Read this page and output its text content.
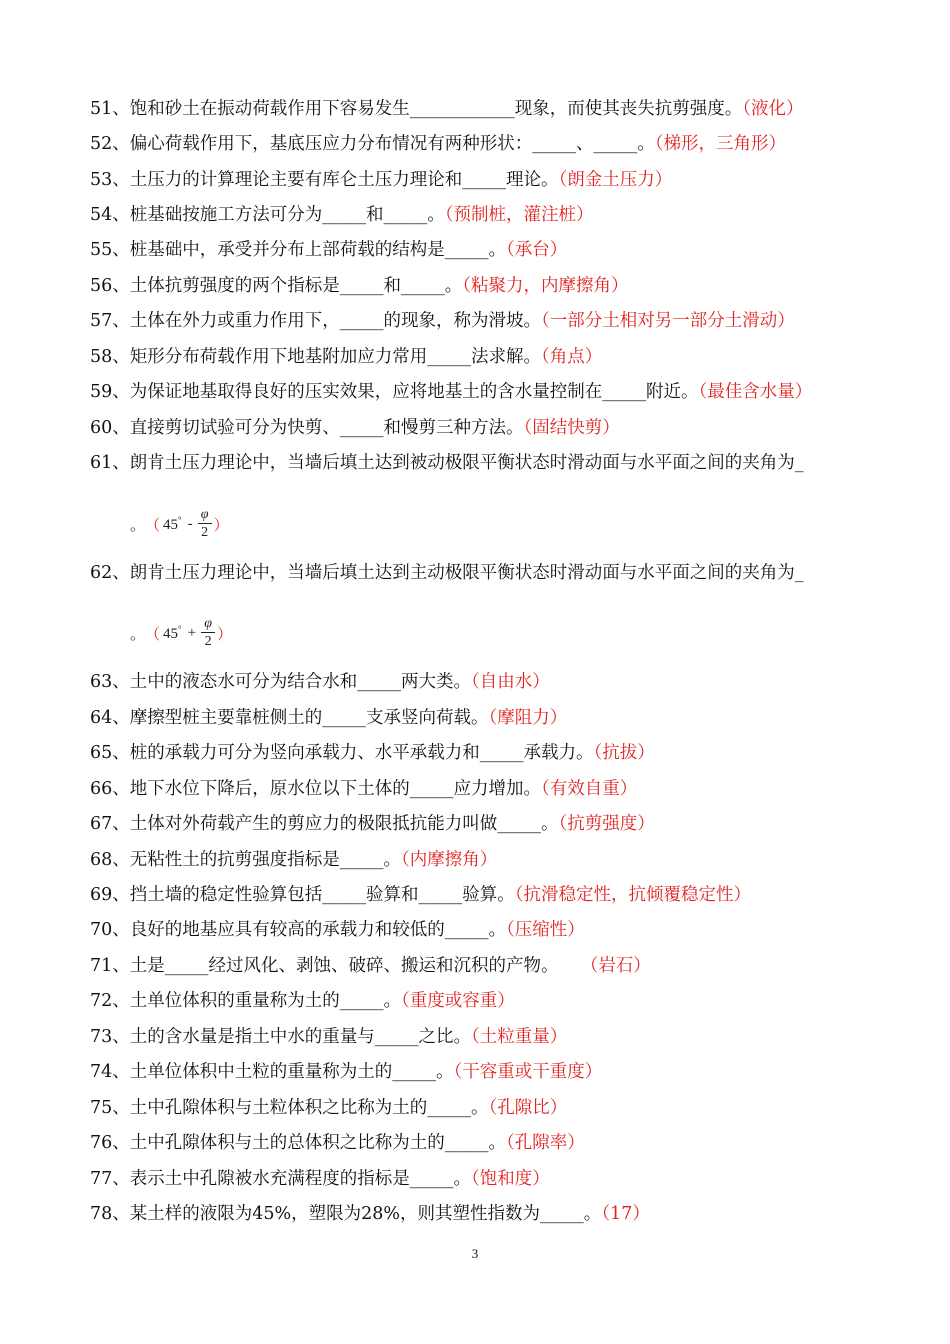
51、饱和砂土在振动荷载作用下容易发生____________现象，而使其丧失抗剪强度。（液化）
52、偏心荷载作用下，基底压应力分布情况有两种形状：_____、_____。（梯形，三角形）
53、土压力的计算理论主要有库仑土压力理论和_____理论。（朗金土压力）
54、桩基础按施工方法可分为_____和_____。（预制桩，灌注桩）
55、桩基础中，承受并分布上部荷载的结构是_____。（承台）
56、土体抗剪强度的两个指标是_____和_____。（粘聚力，内摩擦角）
57、土体在外力或重力作用下，_____的现象，称为滑坡。（一部分土相对另一部分土滑动）
58、矩形分布荷载作用下地基附加应力常用_____法求解。（角点）
59、为保证地基取得良好的压实效果，应将地基土的含水量控制在_____附近。（最佳含水量）
60、直接剪切试验可分为快剪、_____和慢剪三种方法。（固结快剪）
61、朗肯土压力理论中，当墙后填土达到被动极限平衡状态时滑动面与水平面之间的夹角为_
。 （ $45^\circ - \frac{\varphi}{2}$ ）
62、朗肯土压力理论中，当墙后填土达到主动极限平衡状态时滑动面与水平面之间的夹角为_
。 （ $45^\circ + \frac{\varphi}{2}$ ）
63、土中的液态水可分为结合水和_____两大类。（自由水）
64、摩擦型桩主要靠桩侧土的_____支承竖向荷载。（摩阻力）
65、桩的承载力可分为竖向承载力、水平承载力和_____承载力。（抗拔）
66、地下水位下降后，原水位以下土体的_____应力增加。（有效自重）
67、土体对外荷载产生的剪应力的极限抵抗能力叫做_____。（抗剪强度）
68、无粘性土的抗剪强度指标是_____。（内摩擦角）
69、挡土墙的稳定性验算包括_____验算和_____验算。（抗滑稳定性，抗倾覆稳定性）
70、良好的地基应具有较高的承载力和较低的_____。（压缩性）
71、土是_____经过风化、剥蚀、破碎、搬运和沉积的产物。    （岩石）
72、土单位体积的重量称为土的_____。（重度或容重）
73、土的含水量是指土中水的重量与_____之比。（土粒重量）
74、土单位体积中土粒的重量称为土的_____。（干容重或干重度）
75、土中孔隙体积与土粒体积之比称为土的_____。（孔隙比）
76、土中孔隙体积与土的总体积之比称为土的_____。（孔隙率）
77、表示土中孔隙被水充满程度的指标是_____。（饱和度）
78、某土样的液限为45%，塑限为28%，则其塑性指数为_____。（17）
3
